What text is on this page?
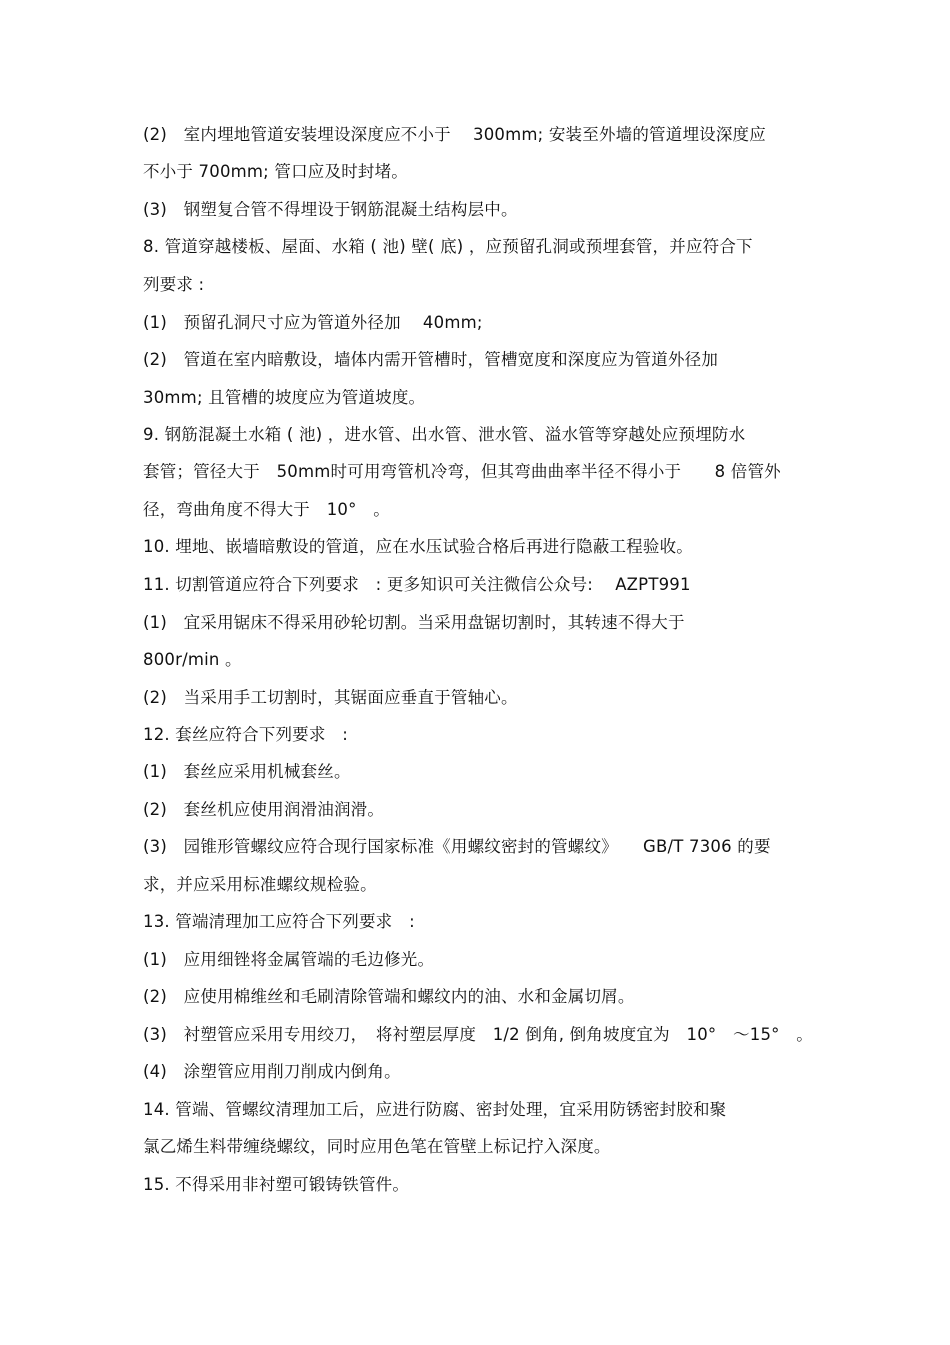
(2)　室内埋地管道安装埋设深度应不小于　 300mm; 安装至外墙的管道埋设深度应
不小于 700mm; 管口应及时封堵。
(3)　钢塑复合管不得埋设于钢筋混凝土结构层中。
8. 管道穿越楼板、屋面、水箱 ( 池) 壁( 底) ，应预留孔洞或预埋套管，并应符合下
列要求 :
(1)　预留孔洞尺寸应为管道外径加　 40mm;
(2)　管道在室内暗敷设，墙体内需开管槽时，管槽宽度和深度应为管道外径加
30mm; 且管槽的坡度应为管道坡度。
9. 钢筋混凝土水箱 ( 池) ，进水管、出水管、泄水管、溢水管等穿越处应预埋防水
套管；管径大于　50mm时可用弯管机冷弯，但其弯曲曲率半径不得小于　　8 倍管外
径，弯曲角度不得大于　10°　。
10. 埋地、嵌墙暗敷设的管道，应在水压试验合格后再进行隐蔽工程验收。
11. 切割管道应符合下列要求　: 更多知识可关注微信公众号:　 AZPT991
(1)　宜采用锯床不得采用砂轮切割。当采用盘锯切割时，其转速不得大于
800r/min 。
(2)　当采用手工切割时，其锯面应垂直于管轴心。
12. 套丝应符合下列要求　:
(1)　套丝应采用机械套丝。
(2)　套丝机应使用润滑油润滑。
(3)　园锥形管螺纹应符合现行国家标准《用螺纹密封的管螺纹》　　GB/T 7306 的要
求，并应采用标准螺纹规检验。
13. 管端清理加工应符合下列要求　:
(1)　应用细锉将金属管端的毛边修光。
(2)　应使用棉维丝和毛刷清除管端和螺纹内的油、水和金属切屑。
(3)　衬塑管应采用专用绞刀，　将衬塑层厚度　1/2 倒角, 倒角坡度宜为　10°　～15°　。
(4)　涂塑管应用削刀削成内倒角。
14. 管端、管螺纹清理加工后，应进行防腐、密封处理，宜采用防锈密封胶和聚
氯乙烯生料带缠绕螺纹，同时应用色笔在管壁上标记拧入深度。
15. 不得采用非衬塑可锻铸铁管件。
